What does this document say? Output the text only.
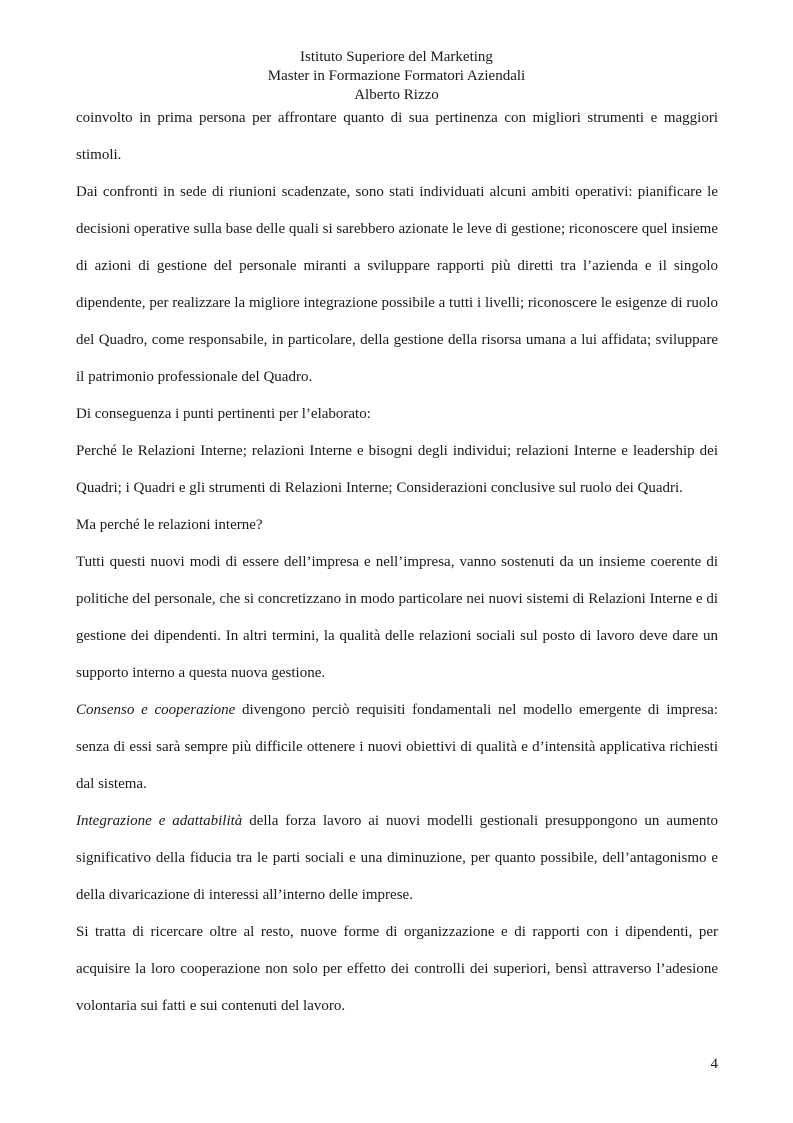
Istituto Superiore del Marketing
Master in Formazione Formatori Aziendali
Alberto Rizzo

coinvolto in prima persona per affrontare quanto di sua pertinenza con migliori strumenti e maggiori stimoli.

Dai confronti in sede di riunioni scadenzate, sono stati individuati alcuni ambiti operativi: pianificare le decisioni operative sulla base delle quali si sarebbero azionate le leve di gestione; riconoscere quel insieme di azioni di gestione del personale miranti a sviluppare rapporti più diretti tra l’azienda e il singolo dipendente, per realizzare la migliore integrazione possibile a tutti i livelli; riconoscere le esigenze di ruolo del Quadro, come responsabile, in particolare, della gestione della risorsa umana a lui affidata; sviluppare il patrimonio professionale del Quadro.

Di conseguenza i punti pertinenti per l’elaborato:

Perché le Relazioni Interne; relazioni Interne e bisogni degli individui; relazioni Interne e leadership dei Quadri; i Quadri e gli strumenti di Relazioni Interne; Considerazioni conclusive sul ruolo dei Quadri.

Ma perché le relazioni interne?

Tutti questi nuovi modi di essere dell’impresa e nell’impresa, vanno sostenuti da un insieme coerente di politiche del personale, che si concretizzano in modo particolare nei nuovi sistemi di Relazioni Interne e di gestione dei dipendenti. In altri termini, la qualità delle relazioni sociali sul posto di lavoro deve dare un supporto interno a questa nuova gestione.

Consenso e cooperazione divengono perciò requisiti fondamentali nel modello emergente di impresa: senza di essi sarà sempre più difficile ottenere i nuovi obiettivi di qualità e d’intensità applicativa richiesti dal sistema.

Integrazione e adattabilità della forza lavoro ai nuovi modelli gestionali presuppongono un aumento significativo della fiducia tra le parti sociali e una diminuzione, per quanto possibile, dell’antagonismo e della divaricazione di interessi all’interno delle imprese.

Si tratta di ricercare oltre al resto, nuove forme di organizzazione e di rapporti con i dipendenti, per acquisire la loro cooperazione non solo per effetto dei controlli dei superiori, bensì attraverso l’adesione volontaria sui fatti e sui contenuti del lavoro.

4
